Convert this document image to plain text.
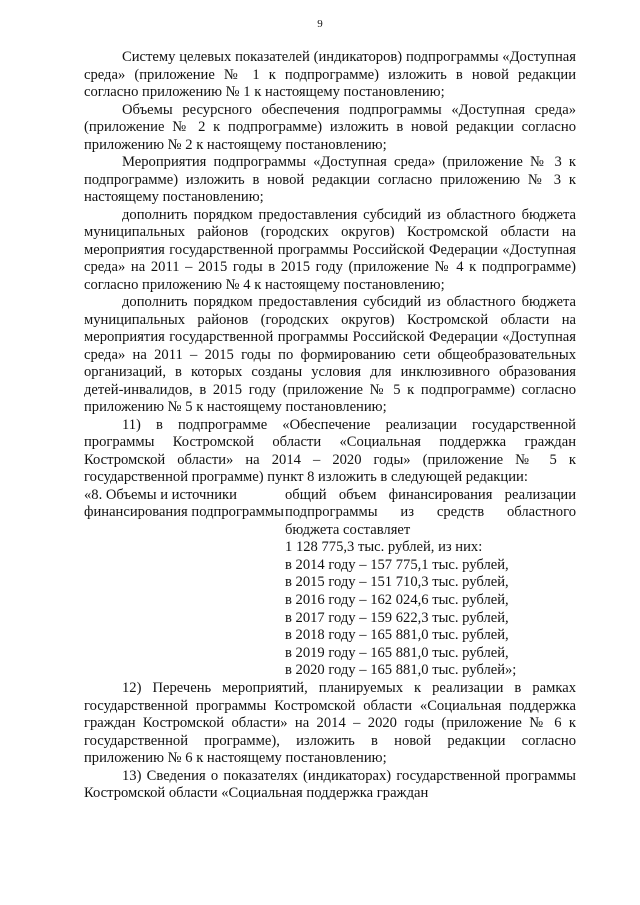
9

Систему целевых показателей (индикаторов) подпрограммы «Доступная среда» (приложение № 1 к подпрограмме) изложить в новой редакции согласно приложению № 1 к настоящему постановлению;

Объемы ресурсного обеспечения подпрограммы «Доступная среда» (приложение № 2 к подпрограмме) изложить в новой редакции согласно приложению № 2 к настоящему постановлению;

Мероприятия подпрограммы «Доступная среда» (приложение № 3 к подпрограмме) изложить в новой редакции согласно приложению № 3 к настоящему постановлению;

дополнить порядком предоставления субсидий из областного бюджета муниципальных районов (городских округов) Костромской области на мероприятия государственной программы Российской Федерации «Доступная среда» на 2011 – 2015 годы в 2015 году (приложение № 4 к подпрограмме) согласно приложению № 4 к настоящему постановлению;

дополнить порядком предоставления субсидий из областного бюджета муниципальных районов (городских округов) Костромской области на мероприятия государственной программы Российской Федерации «Доступная среда» на 2011 – 2015 годы по формированию сети общеобразовательных организаций, в которых созданы условия для инклюзивного образования детей-инвалидов, в 2015 году (приложение № 5 к подпрограмме) согласно приложению № 5 к настоящему постановлению;

11) в подпрограмме «Обеспечение реализации государственной программы Костромской области «Социальная поддержка граждан Костромской области» на 2014 – 2020 годы» (приложение № 5 к государственной программе) пункт 8 изложить в следующей редакции:

«8. Объемы и источники финансирования подпрограммы
общий объем финансирования реализации подпрограммы из средств областного бюджета составляет
1 128 775,3 тыс. рублей, из них:
в 2014 году – 157 775,1 тыс. рублей,
в 2015 году – 151 710,3 тыс. рублей,
в 2016 году – 162 024,6 тыс. рублей,
в 2017 году – 159 622,3 тыс. рублей,
в 2018 году – 165 881,0 тыс. рублей,
в 2019 году – 165 881,0 тыс. рублей,
в 2020 году – 165 881,0 тыс. рублей»;

12) Перечень мероприятий, планируемых к реализации в рамках государственной программы Костромской области «Социальная поддержка граждан Костромской области» на 2014 – 2020 годы (приложение № 6 к государственной программе), изложить в новой редакции согласно приложению № 6 к настоящему постановлению;

13) Сведения о показателях (индикаторах) государственной программы Костромской области «Социальная поддержка граждан
